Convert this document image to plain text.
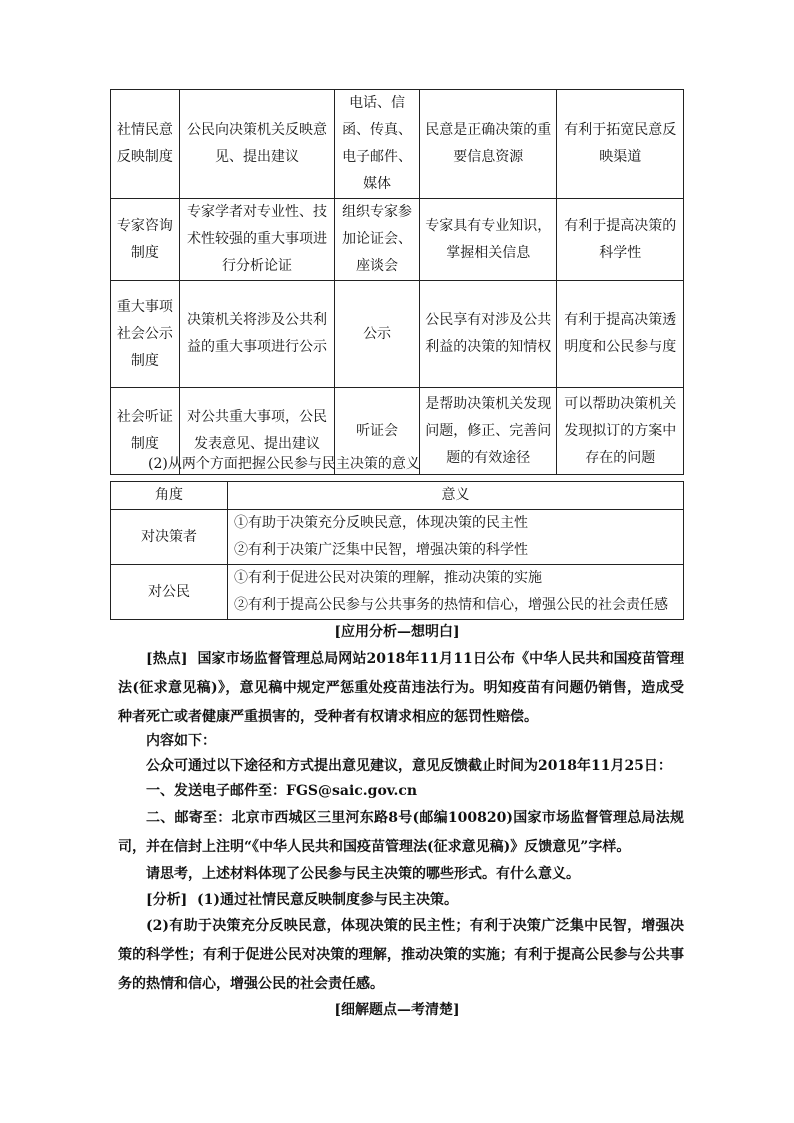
社情民意反映制度	公民向决策机关反映意见、提出建议	电话、信函、传真、电子邮件、媒体	民意是正确决策的重要信息资源	有利于拓宽民意反映渠道
专家咨询制度	专家学者对专业性、技术性较强的重大事项进行分析论证	组织专家参加论证会、座谈会	专家具有专业知识，掌握相关信息	有利于提高决策的科学性
重大事项社会公示制度	决策机关将涉及公共利益的重大事项进行公示	公示	公民享有对涉及公共利益的决策的知情权	有利于提高决策透明度和公民参与度
社会听证制度	对公共重大事项，公民发表意见、提出建议	听证会	是帮助决策机关发现问题，修正、完善问题的有效途径	可以帮助决策机关发现拟订的方案中存在的问题
(2)从两个方面把握公民参与民主决策的意义
角度	意义
对决策者	①有助于决策充分反映民意，体现决策的民主性
②有利于决策广泛集中民智，增强决策的科学性

对公民	①有利于促进公民对决策的理解，推动决策的实施
②有利于提高公民参与公共事务的热情和信心，增强公民的社会责任感
[应用分析—想明白]
[热点] 国家市场监督管理总局网站2018年11月11日公布《中华人民共和国疫苗管理法(征求意见稿)》，意见稿中规定严惩重处疫苗违法行为。明知疫苗有问题仍销售，造成受种者死亡或者健康严重损害的，受种者有权请求相应的惩罚性赔偿。
内容如下：
公众可通过以下途径和方式提出意见建议，意见反馈截止时间为2018年11月25日：
一、发送电子邮件至：FGS@saic.gov.cn
二、邮寄至：北京市西城区三里河东路8号(邮编100820)国家市场监督管理总局法规司，并在信封上注明“《中华人民共和国疫苗管理法(征求意见稿)》反馈意见”字样。
请思考，上述材料体现了公民参与民主决策的哪些形式。有什么意义。
[分析] (1)通过社情民意反映制度参与民主决策。
(2)有助于决策充分反映民意，体现决策的民主性；有利于决策广泛集中民智，增强决策的科学性；有利于促进公民对决策的理解，推动决策的实施；有利于提高公民参与公共事务的热情和信心，增强公民的社会责任感。
[细解题点—考清楚]
